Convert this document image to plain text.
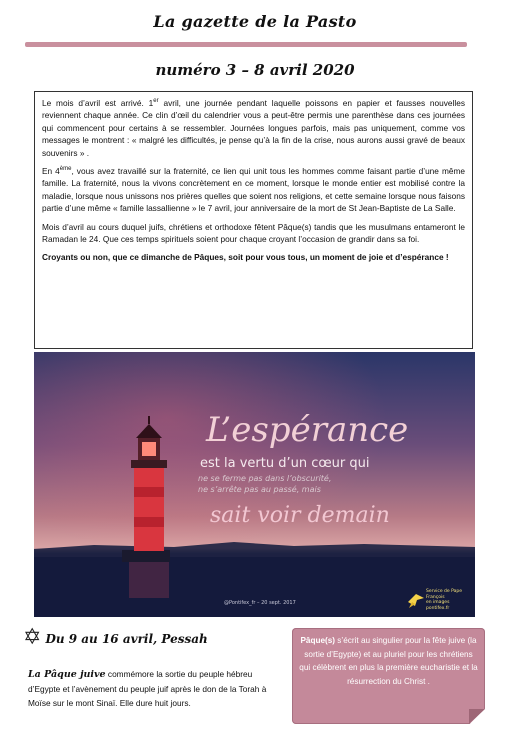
La gazette de la Pasto
numéro 3 – 8 avril 2020

Le mois d’avril est arrivé. 1er avril, une journée pendant laquelle poissons en papier et fausses nouvelles reviennent chaque année. Ce clin d’œil du calendrier vous a peut-être permis une parenthèse dans ces journées qui commencent pour certains à se ressembler. Journées longues parfois, mais pas uniquement, comme vos messages le montrent : « malgré les difficultés, je pense qu’à la fin de la crise, nous aurons aussi gravé de beaux souvenirs » .

En 4ème, vous avez travaillé sur la fraternité, ce lien qui unit tous les hommes comme faisant partie d’une même famille. La fraternité, nous la vivons concrètement en ce moment, lorsque le monde entier est mobilisé contre la maladie, lorsque nous unissons nos prières quelles que soient nos religions, et cette semaine lorsque nous faisons partie d’une même « famille lassallienne » le 7 avril, jour anniversaire de la mort de St Jean-Baptiste de La Salle.

Mois d’avril au cours duquel juifs, chrétiens et orthodoxe fêtent Pâque(s) tandis que les musulmans entameront le Ramadan le 24. Que ces temps spirituels soient pour chaque croyant l’occasion de grandir dans sa foi.

Croyants ou non, que ce dimanche de Pâques, soit pour vous tous, un moment de joie et d’espérance !

L’espérance
est la vertu d’un cœur qui
ne se ferme pas dans l’obscurité,
ne s’arrête pas au passé, mais
sait voir demain
@Pontifex_fr – 20 sept. 2017
Service de Pape François
en images
pontifex.fr
✡ Du 9 au 16 avril, Pessah
La Pâque juive commémore la sortie du peuple hébreu d’Egypte et l’avènement du peuple juif après le don de la Torah à Moïse sur le mont Sinaï. Elle dure huit jours.
Pâque(s) s’écrit au singulier pour la fête juive (la sortie d’Egypte) et au pluriel pour les chrétiens qui célèbrent en plus la première eucharistie et la résurrection du Christ .
